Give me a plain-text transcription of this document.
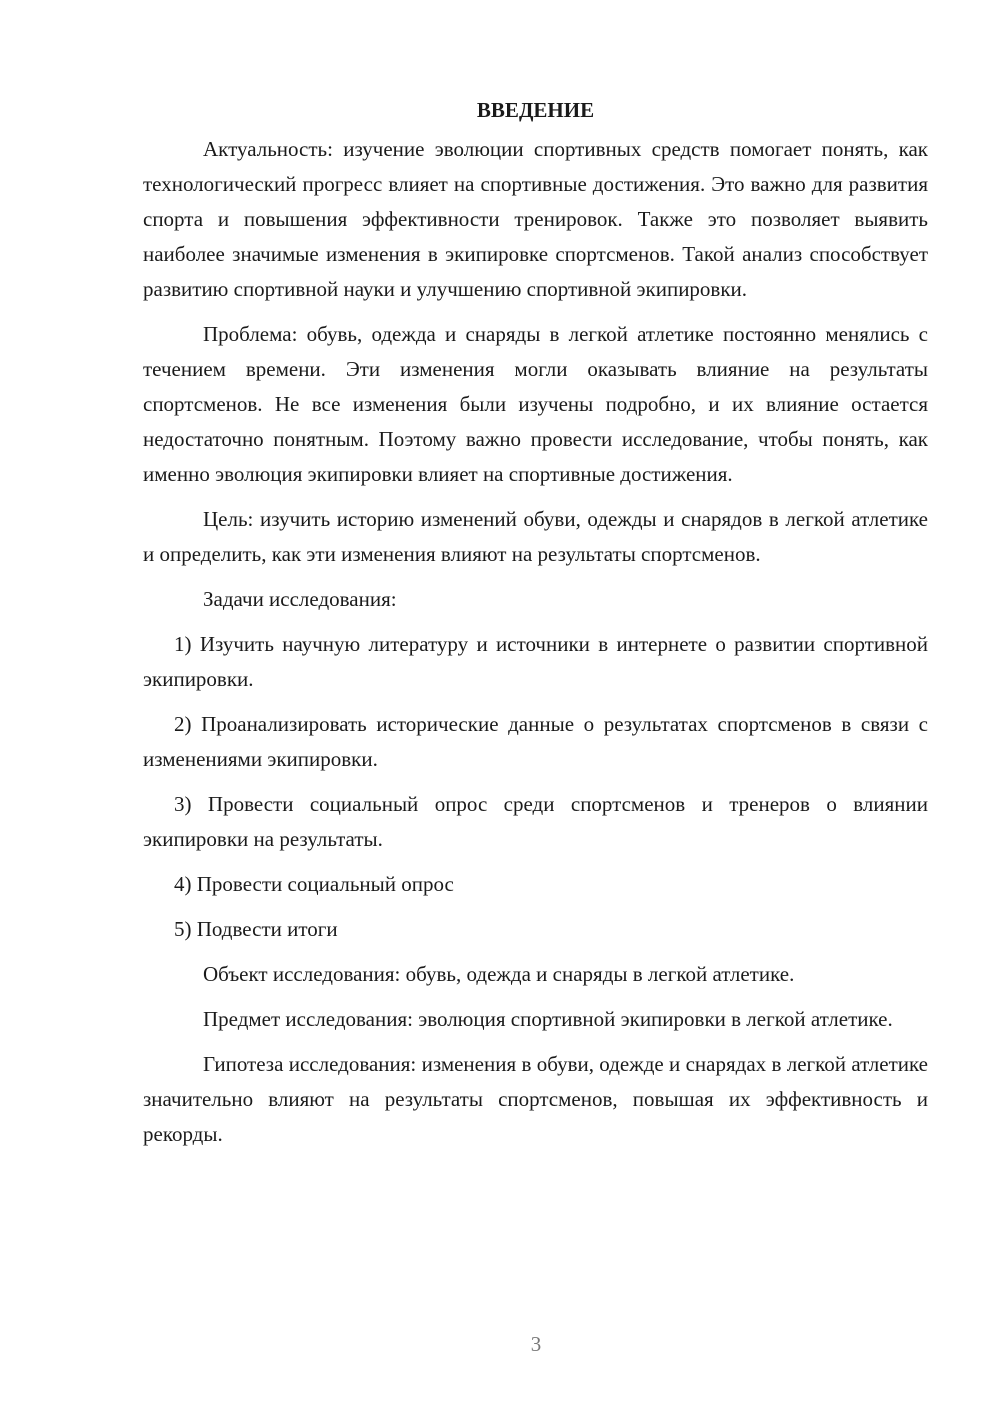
ВВЕДЕНИЕ

Актуальность: изучение эволюции спортивных средств помогает понять, как технологический прогресс влияет на спортивные достижения. Это важно для развития спорта и повышения эффективности тренировок. Также это позволяет выявить наиболее значимые изменения в экипировке спортсменов. Такой анализ способствует развитию спортивной науки и улучшению спортивной экипировки.

Проблема: обувь, одежда и снаряды в легкой атлетике постоянно менялись с течением времени. Эти изменения могли оказывать влияние на результаты спортсменов. Не все изменения были изучены подробно, и их влияние остается недостаточно понятным. Поэтому важно провести исследование, чтобы понять, как именно эволюция экипировки влияет на спортивные достижения.

Цель: изучить историю изменений обуви, одежды и снарядов в легкой атлетике и определить, как эти изменения влияют на результаты спортсменов.

Задачи исследования:

1) Изучить научную литературу и источники в интернете о развитии спортивной экипировки.

2) Проанализировать исторические данные о результатах спортсменов в связи с изменениями экипировки.

3) Провести социальный опрос среди спортсменов и тренеров о влиянии экипировки на результаты.

4) Провести социальный опрос

5) Подвести итоги

Объект исследования: обувь, одежда и снаряды в легкой атлетике.

Предмет исследования: эволюция спортивной экипировки в легкой атлетике.

Гипотеза исследования: изменения в обуви, одежде и снарядах в легкой атлетике значительно влияют на результаты спортсменов, повышая их эффективность и рекорды.

3
